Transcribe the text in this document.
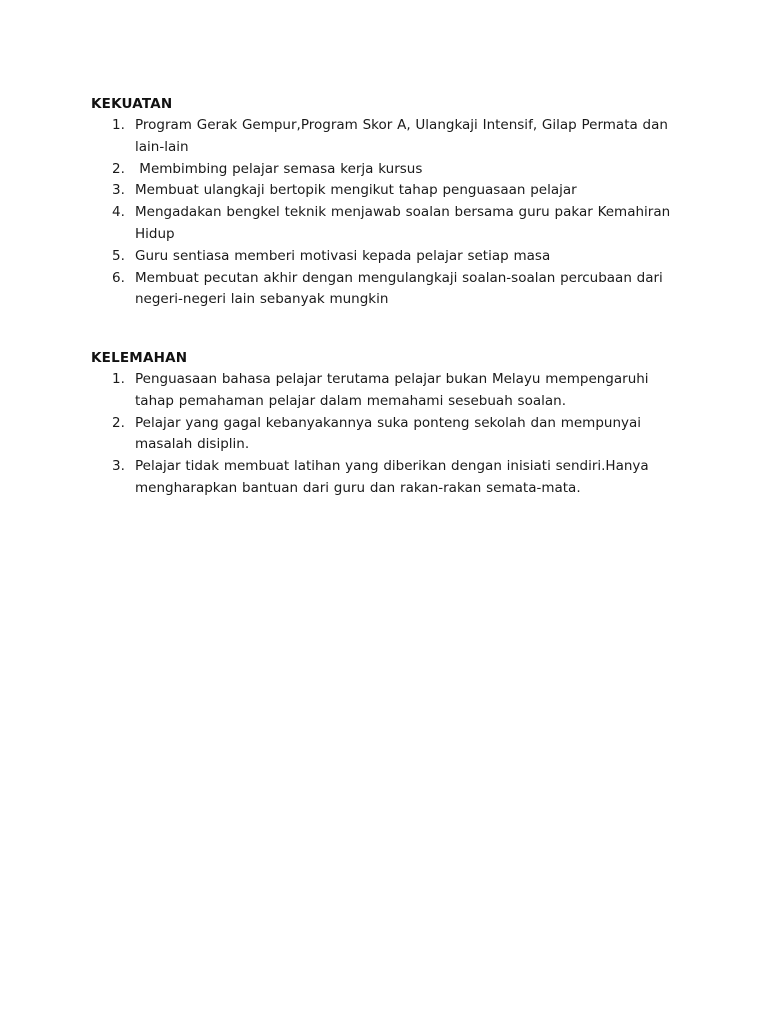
KEKUATAN

1. Program Gerak Gempur,Program Skor A, Ulangkaji Intensif, Gilap Permata dan lain-lain
2. Membimbing pelajar semasa kerja kursus
3. Membuat ulangkaji bertopik mengikut tahap penguasaan pelajar
4. Mengadakan bengkel teknik menjawab soalan bersama guru pakar Kemahiran Hidup
5. Guru sentiasa memberi motivasi kepada pelajar setiap masa
6. Membuat pecutan akhir dengan mengulangkaji soalan-soalan percubaan dari negeri-negeri lain sebanyak mungkin

KELEMAHAN

1. Penguasaan bahasa pelajar terutama pelajar bukan Melayu mempengaruhi tahap pemahaman pelajar dalam memahami sesebuah soalan.
2. Pelajar yang gagal kebanyakannya suka ponteng sekolah dan mempunyai masalah disiplin.
3. Pelajar tidak membuat latihan yang diberikan dengan inisiati sendiri.Hanya mengharapkan bantuan dari guru dan rakan-rakan semata-mata.
